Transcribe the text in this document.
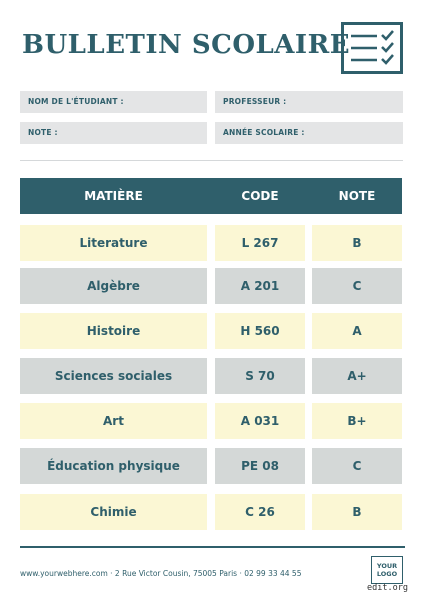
BULLETIN SCOLAIRE
NOM DE L'ÉTUDIANT :	PROFESSEUR :
NOTE :	ANNÉE SCOLAIRE :
MATIÈRE	CODE	NOTE
Literature	L 267	B
Algèbre	A 201	C
Histoire	H 560	A
Sciences sociales	S 70	A+
Art	A 031	B+
Éducation physique	PE 08	C
Chimie	C 26	B
www.yourwebhere.com · 2 Rue Victor Cousin, 75005 Paris · 02 99 33 44 55
YOUR
LOGO
edit.org
